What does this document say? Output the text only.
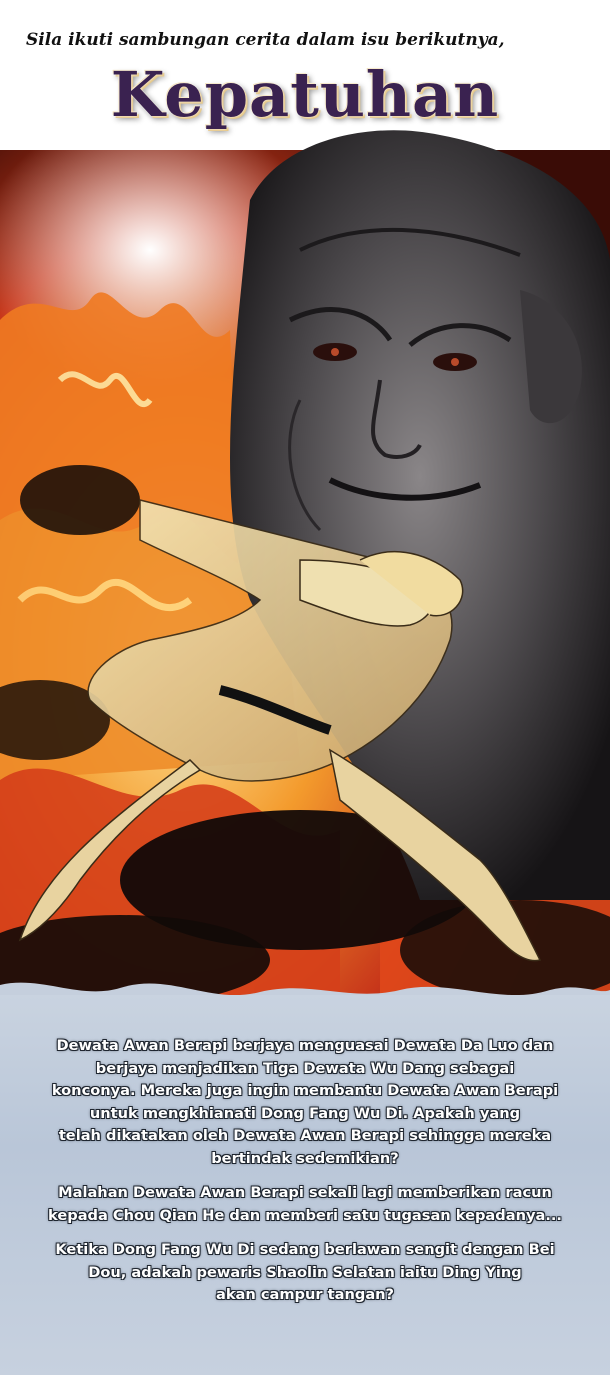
Sila ikuti sambungan cerita dalam isu berikutnya,
Kepatuhan
Dewata Awan Berapi berjaya menguasai Dewata Da Luo dan
berjaya menjadikan Tiga Dewata Wu Dang sebagai
konconya. Mereka juga ingin membantu Dewata Awan Berapi
untuk mengkhianati Dong Fang Wu Di. Apakah yang
telah dikatakan oleh Dewata Awan Berapi sehingga mereka
bertindak sedemikian?
Malahan Dewata Awan Berapi sekali lagi memberikan racun
kepada Chou Qian He dan memberi satu tugasan kepadanya...
Ketika Dong Fang Wu Di sedang berlawan sengit dengan Bei
Dou, adakah pewaris Shaolin Selatan iaitu Ding Ying
akan campur tangan?
